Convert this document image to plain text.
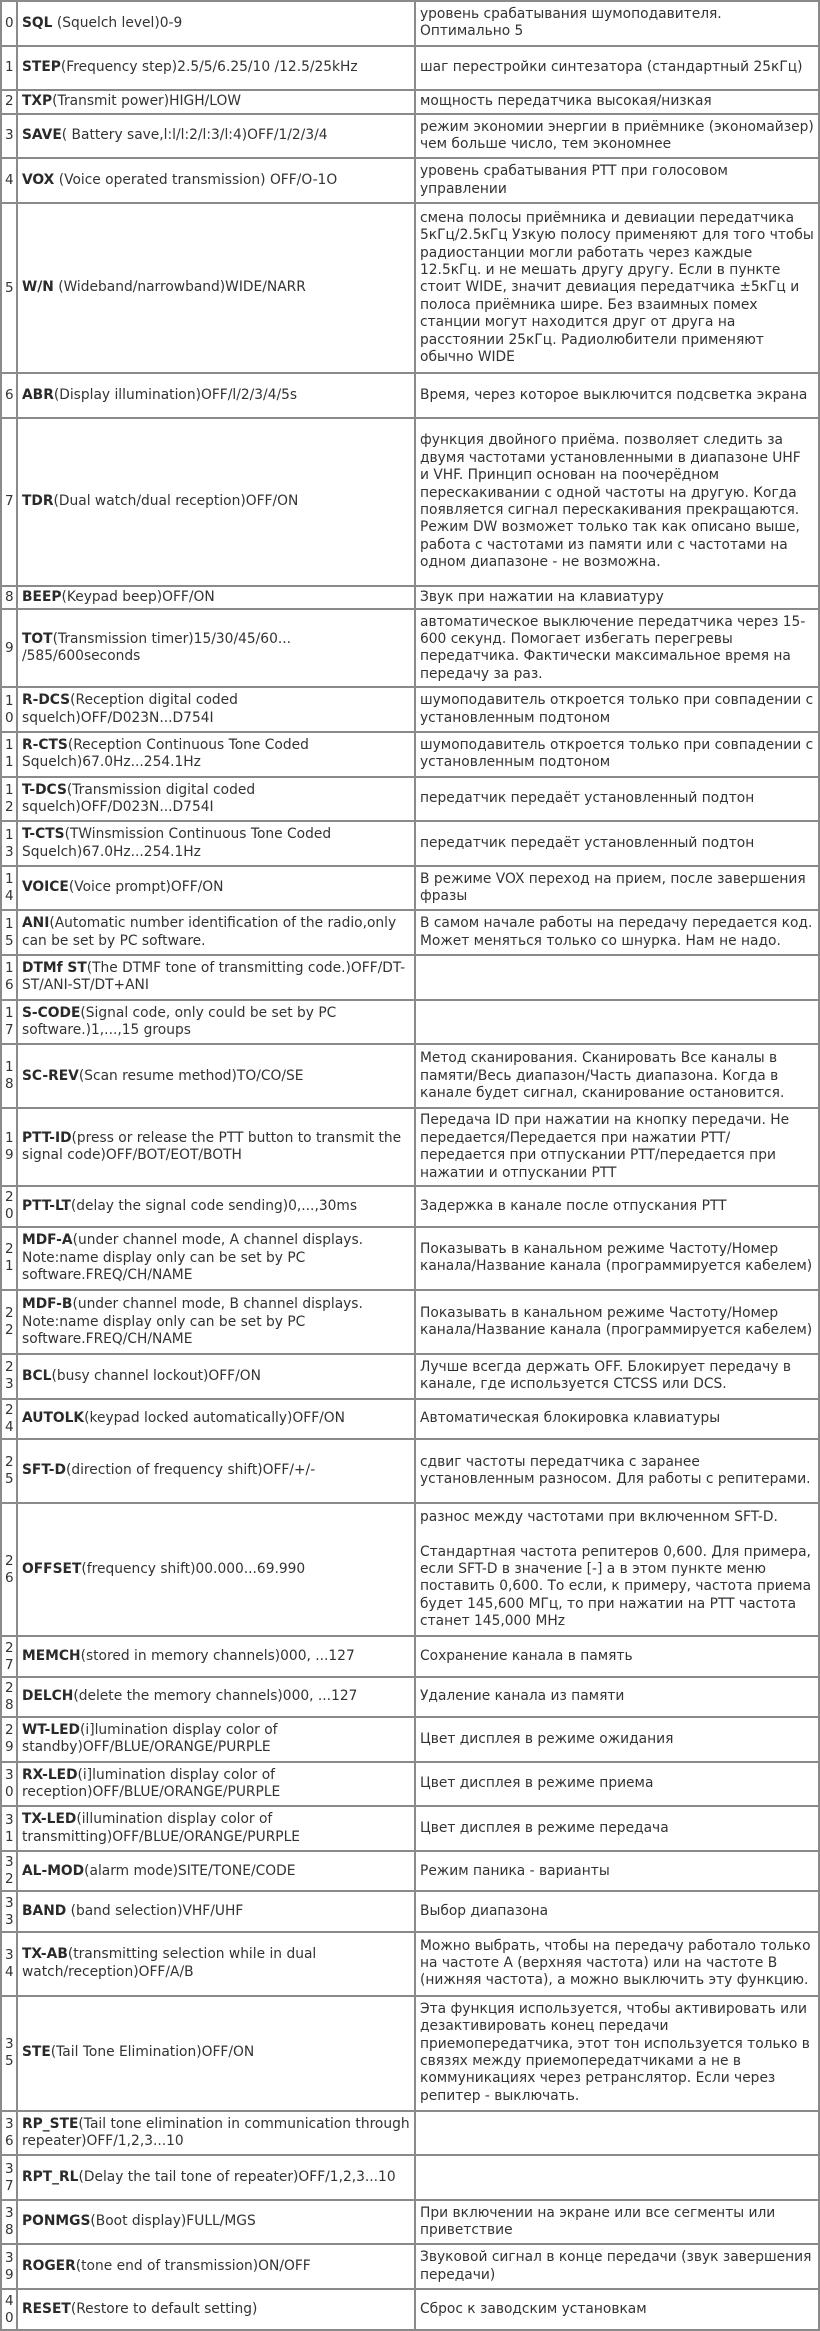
0	SQL (Squelch level)0-9	уровень срабатывания шумоподавителя. Оптимально 5

1	STEP(Frequency step)2.5/5/6.25/10 /12.5/25kHz	шаг перестройки синтезатора (стандартный 25кГц)

2	TXP(Transmit power)HIGH/LOW	мощность передатчика высокая/низкая

3	SAVE( Battery save,l:l/l:2/l:3/l:4)OFF/1/2/3/4	режим экономии энергии в приёмнике (экономайзер) чем больше число, тем экономнее

4	VOX (Voice operated transmission) OFF/O-1O	уровень срабатывания PTT при голосовом управлении

5	W/N (Wideband/narrowband)WIDE/NARR	смена полосы приёмника и девиации передатчика 5кГц/2.5кГц Узкую полосу применяют для того чтобы радиостанции могли работать через каждые 12.5кГц. и не мешать другу другу. Если в пункте стоит WIDE, значит девиация передатчика ±5кГц и полоса приёмника шире. Без взаимных помех станции могут находится друг от друга на расстоянии 25кГц. Радиолюбители применяют обычно WIDE

6	ABR(Display illumination)OFF/l/2/3/4/5s	Время, через которое выключится подсветка экрана

7	TDR(Dual watch/dual reception)OFF/ON	функция двойного приёма. позволяет следить за двумя частотами установленными в диапазоне UHF и VHF. Принцип основан на поочерёдном перескакивании с одной частоты на другую. Когда появляется сигнал перескакивания прекращаются. Режим DW возможет только так как описано выше, работа с частотами из памяти или с частотами на одном диапазоне - не возможна.

8	BEEP(Keypad beep)OFF/ON	Звук при нажатии на клавиатуру

9	TOT(Transmission timer)15/30/45/60... /585/600seconds	автоматическое выключение передатчика через 15-600 секунд. Помогает избегать перегревы передатчика. Фактически максимальное время на передачу за раз.

10	R-DCS(Reception digital coded squelch)OFF/D023N...D754I	шумоподавитель откроется только при совпадении с установленным подтоном

11	R-CTS(Reception Continuous Tone Coded Squelch)67.0Hz...254.1Hz	шумоподавитель откроется только при совпадении с установленным подтоном

12	T-DCS(Transmission digital coded squelch)OFF/D023N...D754I	передатчик передаёт установленный подтон

13	T-CTS(TWinsmission Continuous Tone Coded Squelch)67.0Hz...254.1Hz	передатчик передаёт установленный подтон

14	VOICE(Voice prompt)OFF/ON	В режиме VOX переход на прием, после завершения фразы

15	ANI(Automatic number identification of the radio,only can be set by PC software.	В самом начале работы на передачу передается код. Может меняться только со шнурка. Нам не надо.

16	DTMf ST(The DTMF tone of transmitting code.)OFF/DT-ST/ANI-ST/DT+ANI	
17	S-CODE(Signal code, only could be set by PC software.)1,...,15 groups	
18	SC-REV(Scan resume method)TO/CO/SE	Метод сканирования. Сканировать Все каналы в памяти/Весь диапазон/Часть диапазона. Когда в канале будет сигнал, сканирование остановится.

19	PTT-ID(press or release the PTT button to transmit the signal code)OFF/BOT/EOT/BOTH	Передача ID при нажатии на кнопку передачи. Не передается/Передается при нажатии PTT/передается при отпускании PTT/передается при нажатии и отпускании PTT

20	PTT-LT(delay the signal code sending)0,...,30ms	Задержка в канале после отпускания PTT

21	MDF-A(under channel mode, A channel displays. Note:name display only can be set by PC software.FREQ/CH/NAME	Показывать в канальном режиме Частоту/Номер канала/Название канала (программируется кабелем)

22	MDF-B(under channel mode, B channel displays. Note:name display only can be set by PC software.FREQ/CH/NAME	Показывать в канальном режиме Частоту/Номер канала/Название канала (программируется кабелем)

23	BCL(busy channel lockout)OFF/ON	Лучше всегда держать OFF. Блокирует передачу в канале, где используется CTCSS или DCS.

24	AUTOLK(keypad locked automatically)OFF/ON	Автоматическая блокировка клавиатуры

25	SFT-D(direction of frequency shift)OFF/+/-	сдвиг частоты передатчика с заранее установленным разносом. Для работы с репитерами.

26	OFFSET(frequency shift)00.000...69.990	разнос между частотами при включенном SFT-D.
Стандартная частота репитеров 0,600. Для примера, если SFT-D в значение [-] а в этом пункте меню поставить 0,600. То если, к примеру, частота приема будет 145,600 МГц, то при нажатии на PTT частота станет 145,000 MHz

27	MEMCH(stored in memory channels)000, ...127	Сохранение канала в память

28	DELCH(delete the memory channels)000, ...127	Удаление канала из памяти

29	WT-LED(i]lumination display color of standby)OFF/BLUE/ORANGE/PURPLE	Цвет дисплея в режиме ожидания

30	RX-LED(i]lumination display color of reception)OFF/BLUE/ORANGE/PURPLE	Цвет дисплея в режиме приема

31	TX-LED(illumination display color of transmitting)OFF/BLUE/ORANGE/PURPLE	Цвет дисплея в режиме передача

32	AL-MOD(alarm mode)SITE/TONE/CODE	Режим паника - варианты

33	BAND (band selection)VHF/UHF	Выбор диапазона

34	TX-AB(transmitting selection while in dual watch/reception)OFF/A/B	Можно выбрать, чтобы на передачу работало только на частоте А (верхняя частота) или на частоте В (нижняя частота), а можно выключить эту функцию.

35	STE(Tail Tone Elimination)OFF/ON	Эта функция используется, чтобы активировать или дезактивировать конец передачи приемопередатчика, этот тон используется только в связях между приемопередатчиками а не в коммуникациях через ретранслятор. Если через репитер - выключать.

36	RP_STE(Tail tone elimination in communication through repeater)OFF/1,2,3...10	
37	RPT_RL(Delay the tail tone of repeater)OFF/1,2,3...10	
38	PONMGS(Boot display)FULL/MGS	При включении на экране или все сегменты или приветствие

39	ROGER(tone end of transmission)ON/OFF	Звуковой сигнал в конце передачи (звук завершения передачи)

40	RESET(Restore to default setting)	Сброс к заводским установкам
